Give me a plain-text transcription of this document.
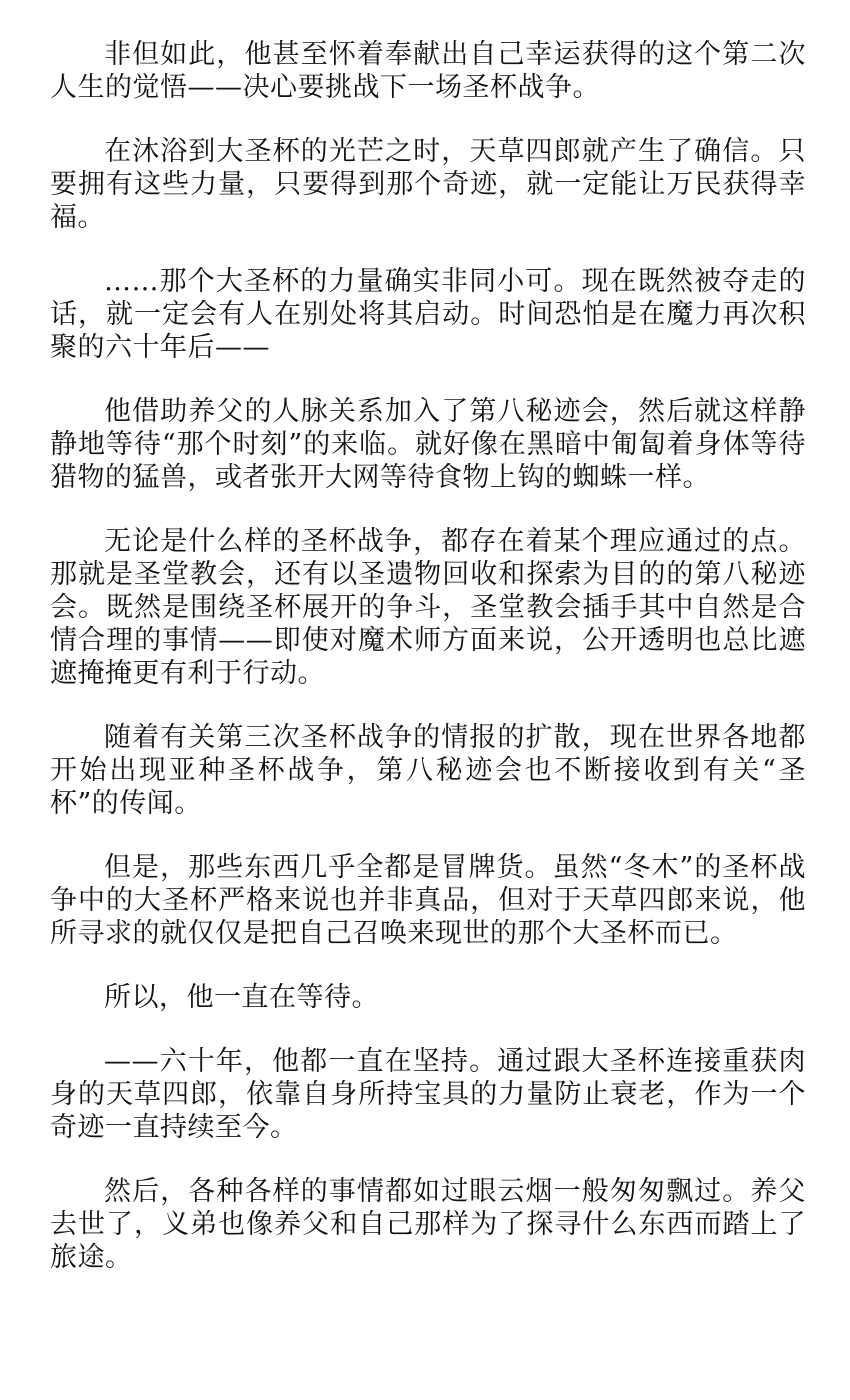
非但如此，他甚至怀着奉献出自己幸运获得的这个第二次人生的觉悟——决心要挑战下一场圣杯战争。

在沐浴到大圣杯的光芒之时，天草四郎就产生了确信。只要拥有这些力量，只要得到那个奇迹，就一定能让万民获得幸福。

……那个大圣杯的力量确实非同小可。现在既然被夺走的话，就一定会有人在别处将其启动。时间恐怕是在魔力再次积聚的六十年后——

他借助养父的人脉关系加入了第八秘迹会，然后就这样静静地等待“那个时刻”的来临。就好像在黑暗中匍匐着身体等待猎物的猛兽，或者张开大网等待食物上钩的蜘蛛一样。

无论是什么样的圣杯战争，都存在着某个理应通过的点。那就是圣堂教会，还有以圣遗物回收和探索为目的的第八秘迹会。既然是围绕圣杯展开的争斗，圣堂教会插手其中自然是合情合理的事情——即使对魔术师方面来说，公开透明也总比遮遮掩掩更有利于行动。

随着有关第三次圣杯战争的情报的扩散，现在世界各地都开始出现亚种圣杯战争，第八秘迹会也不断接收到有关“圣杯”的传闻。

但是，那些东西几乎全都是冒牌货。虽然“冬木”的圣杯战争中的大圣杯严格来说也并非真品，但对于天草四郎来说，他所寻求的就仅仅是把自己召唤来现世的那个大圣杯而已。

所以，他一直在等待。

——六十年，他都一直在坚持。通过跟大圣杯连接重获肉身的天草四郎，依靠自身所持宝具的力量防止衰老，作为一个奇迹一直持续至今。

然后，各种各样的事情都如过眼云烟一般匆匆飘过。养父去世了，义弟也像养父和自己那样为了探寻什么东西而踏上了旅途。
